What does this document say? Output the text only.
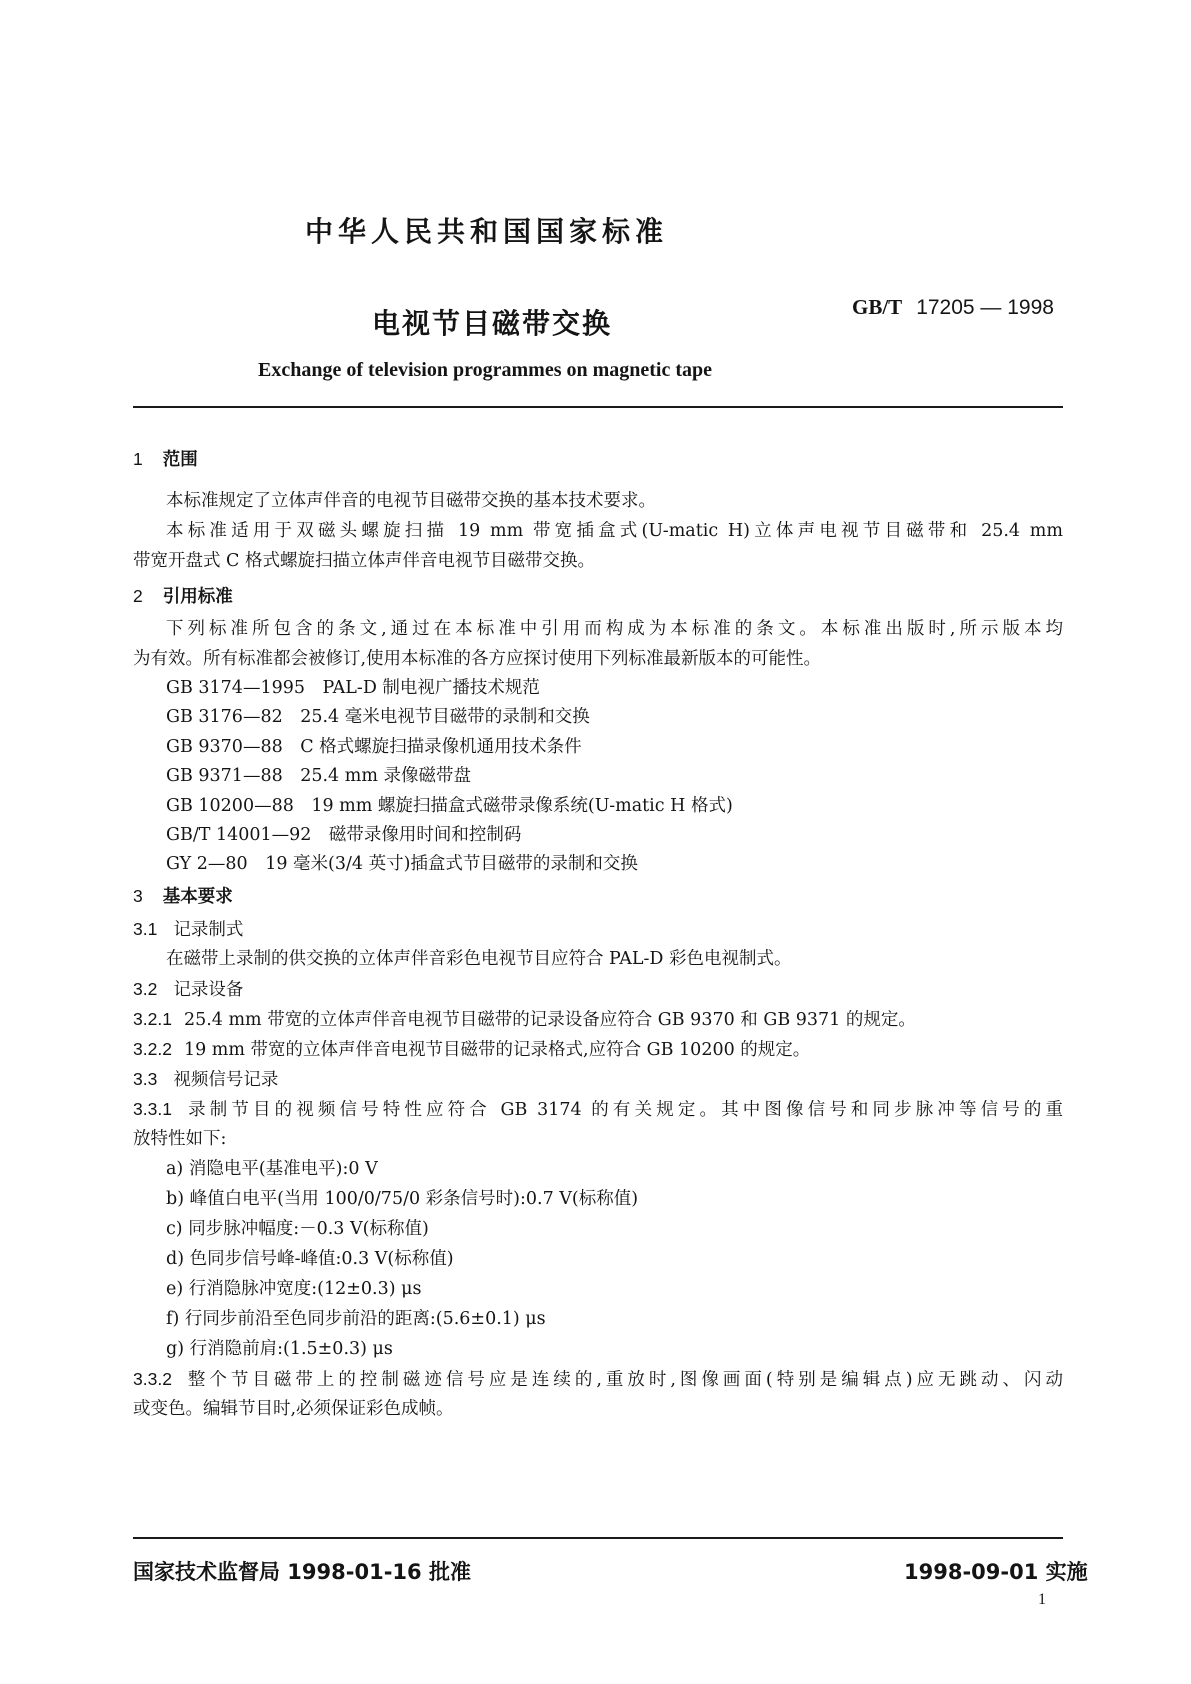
中华人民共和国国家标准
电视节目磁带交换	GB/T 17205 — 1998
Exchange of television programmes on magnetic tape
1 范围
本标准规定了立体声伴音的电视节目磁带交换的基本技术要求。
本标准适用于双磁头螺旋扫描 19 mm 带宽插盒式(U-matic H)立体声电视节目磁带和 25.4 mm
带宽开盘式 C 格式螺旋扫描立体声伴音电视节目磁带交换。
2 引用标准
下列标准所包含的条文,通过在本标准中引用而构成为本标准的条文。本标准出版时,所示版本均
为有效。所有标准都会被修订,使用本标准的各方应探讨使用下列标准最新版本的可能性。
GB 3174—1995　PAL-D 制电视广播技术规范
GB 3176—82　25.4 毫米电视节目磁带的录制和交换
GB 9370—88　C 格式螺旋扫描录像机通用技术条件
GB 9371—88　25.4 mm 录像磁带盘
GB 10200—88　19 mm 螺旋扫描盒式磁带录像系统(U-matic H 格式)
GB/T 14001—92　磁带录像用时间和控制码
GY 2—80　19 毫米(3/4 英寸)插盒式节目磁带的录制和交换
3 基本要求
3.1 记录制式
在磁带上录制的供交换的立体声伴音彩色电视节目应符合 PAL-D 彩色电视制式。
3.2 记录设备
3.2.1 25.4 mm 带宽的立体声伴音电视节目磁带的记录设备应符合 GB 9370 和 GB 9371 的规定。
3.2.2 19 mm 带宽的立体声伴音电视节目磁带的记录格式,应符合 GB 10200 的规定。
3.3 视频信号记录
3.3.1 录制节目的视频信号特性应符合 GB 3174 的有关规定。其中图像信号和同步脉冲等信号的重
放特性如下:
a) 消隐电平(基准电平):0 V
b) 峰值白电平(当用 100/0/75/0 彩条信号时):0.7 V(标称值)
c) 同步脉冲幅度:－0.3 V(标称值)
d) 色同步信号峰-峰值:0.3 V(标称值)
e) 行消隐脉冲宽度:(12±0.3) μs
f) 行同步前沿至色同步前沿的距离:(5.6±0.1) μs
g) 行消隐前肩:(1.5±0.3) μs
3.3.2 整个节目磁带上的控制磁迹信号应是连续的,重放时,图像画面(特别是编辑点)应无跳动、闪动
或变色。编辑节目时,必须保证彩色成帧。
国家技术监督局 1998-01-16 批准	1998-09-01 实施
1
